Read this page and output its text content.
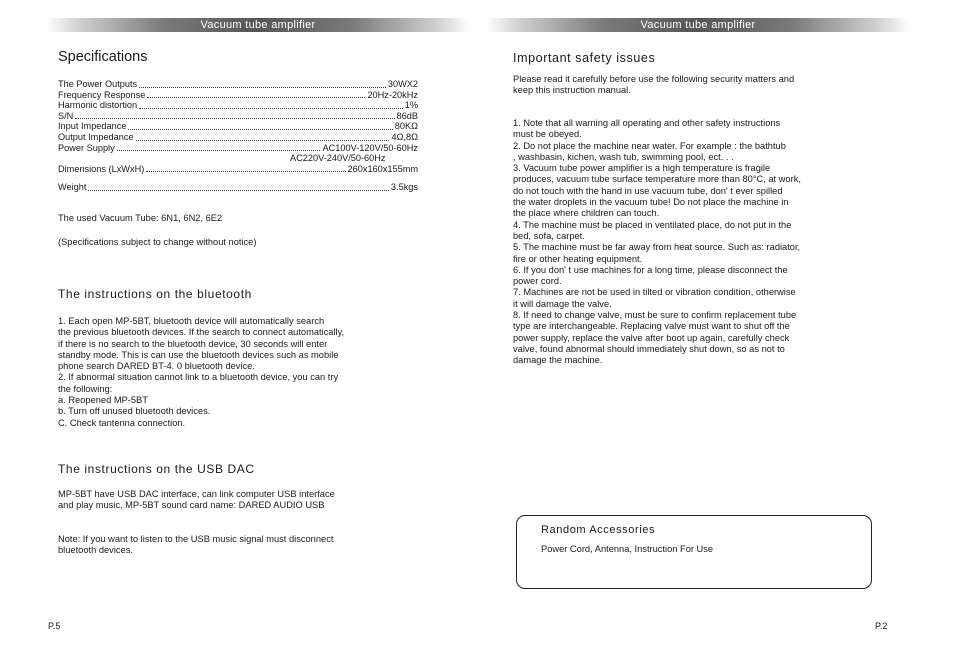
Vacuum tube amplifier
Specifications
The Power Outputs	30WX2
Frequency Response	20Hz-20kHz
Harmonic distortion	1%
S/N	86dB
Input Impedance	80KΩ
Output Impedance	4Ω,8Ω
Power Supply	AC100V-120V/50-60Hz
AC220V-240V/50-60Hz
Dimensions (LxWxH)	260x160x155mm
Weight	3.5kgs

The used Vacuum Tube: 6N1, 6N2, 6E2

(Specifications subject to change without notice)

The instructions on the bluetooth
1. Each open MP-5BT, bluetooth device will automatically search
the previous bluetooth devices. If the search to connect automatically,
if there is no search to the bluetooth device, 30 seconds will enter
standby mode. This is can use the bluetooth devices such as mobile
phone search DARED BT-4. 0 bluetooth device.
2. If abnormal situation cannot link to a bluetooth device, you can try
the following:
a. Reopened MP-5BT
b. Turn off unused bluetooth devices.
C. Check tantenna connection.
The instructions on the USB DAC
MP-5BT have USB DAC interface, can link computer USB interface
and play music, MP-5BT sound card name: DARED AUDIO USB
Note: If you want to listen to the USB music signal must disconnect
bluetooth devices.
P.5
Vacuum tube amplifier
Important safety issues
Please read it carefully before use the following security matters and
keep this instruction manual.
1. Note that all warning all operating and other safety instructions
must be obeyed.
2. Do not place the machine near water. For example : the bathtub
, washbasin, kichen, wash tub, swimming pool, ect. . .
3. Vacuum tube power amplifier is a high temperature is fragile
produces, vacuum tube surface temperature more than 80°C, at work,
do not touch with the hand in use vacuum tube, don' t ever spilled
the water droplets in the vacuum tube! Do not place the machine in
the place where children can touch.
4. The machine must be placed in ventilated place, do not put in the
bed, sofa, carpet.
5. The machine must be far away from heat source. Such as: radiator,
fire or other heating equipment.
6. If you don' t use machines for a long time, please disconnect the
power cord.
7. Machines are not be used in tilted or vibration condition, otherwise
it will damage the valve.
8. If need to change valve, must be sure to confirm replacement tube
type are interchangeable. Replacing valve must want to shut off the
power supply, replace the valve after boot up again, carefully check
valve, found abnormal should immediately shut down, so as not to
damage the machine.
Random Accessories
Power Cord, Antenna, Instruction For Use
P.2
